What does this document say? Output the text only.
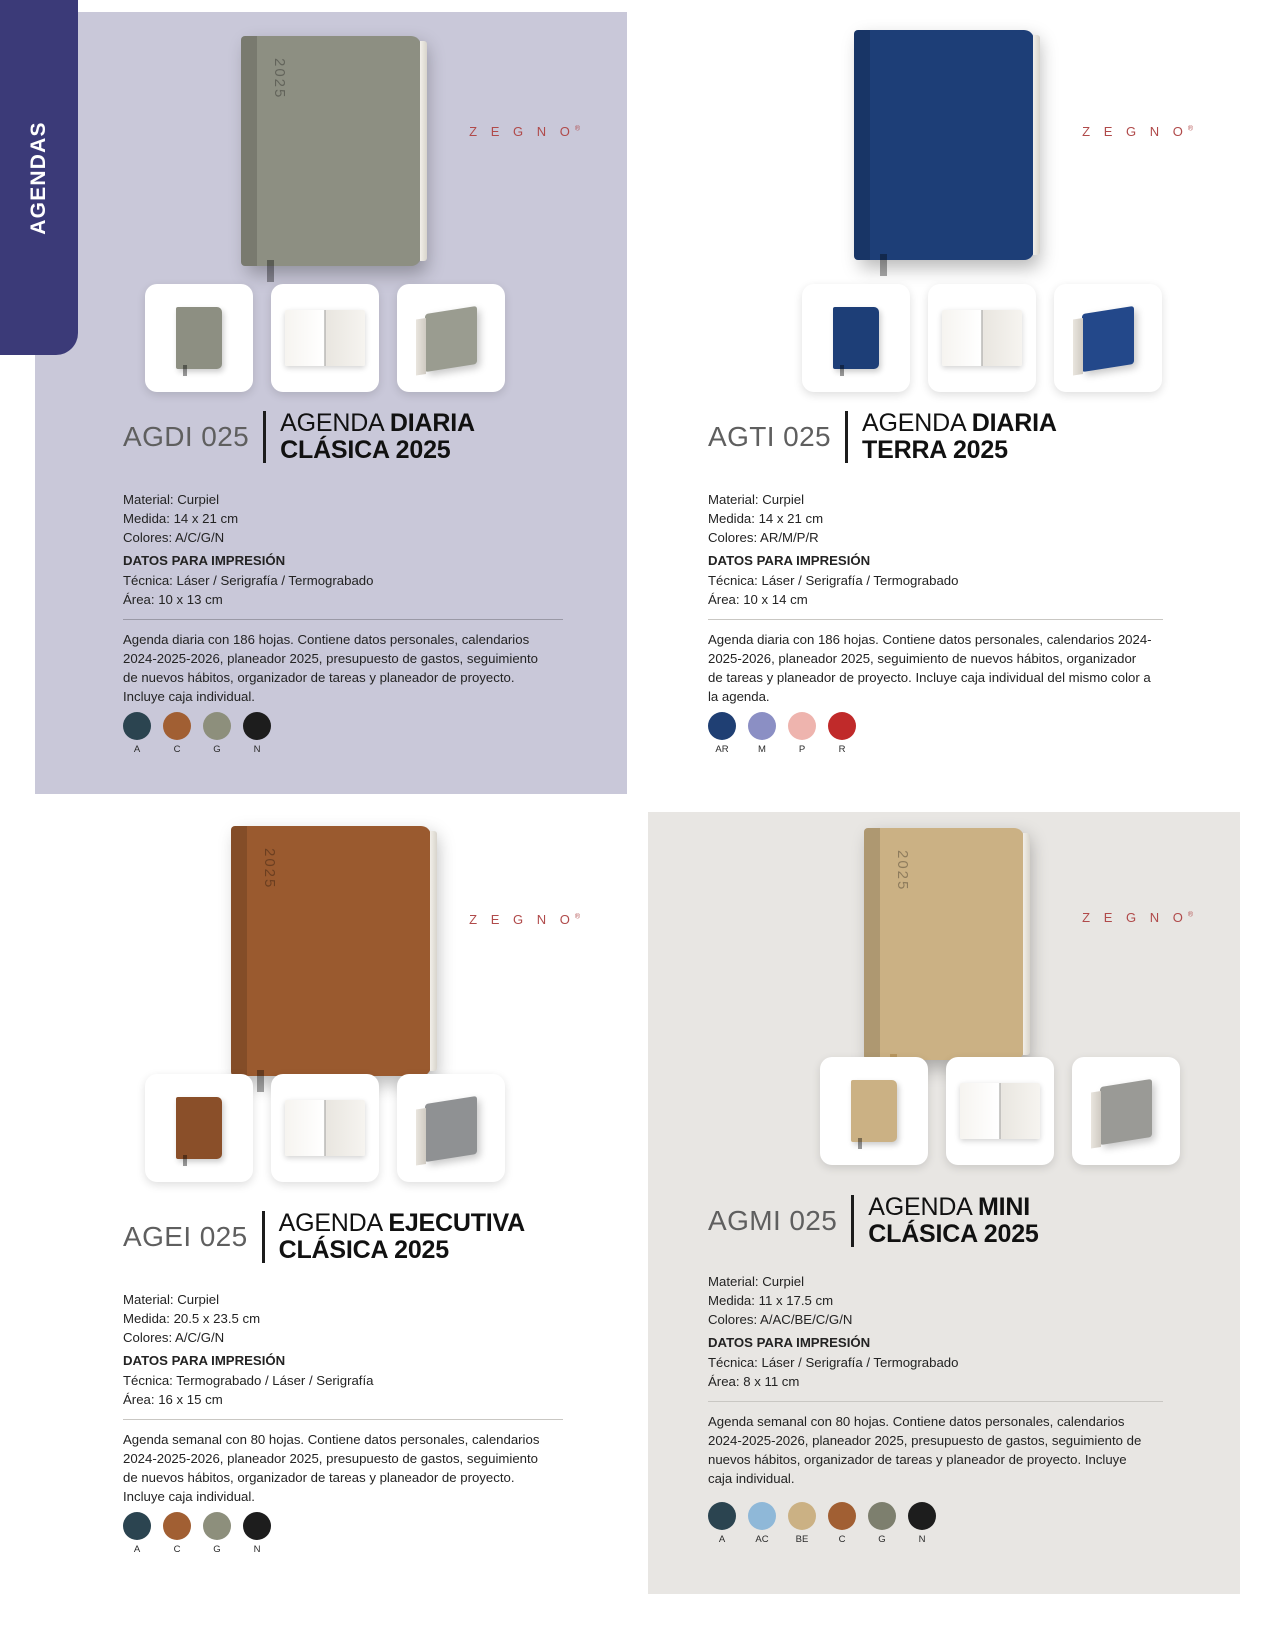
AGENDAS
2025
Z E G N O®
AGDI 025 AGENDA DIARIA
CLÁSICA 2025
Material: Curpiel
Medida: 14 x 21 cm
Colores: A/C/G/N
DATOS PARA IMPRESIÓN
Técnica: Láser / Serigrafía / Termograbado
Área: 10 x 13 cm
Agenda diaria con 186 hojas. Contiene datos personales, calendarios 2024-2025-2026, planeador 2025, presupuesto de gastos, seguimiento de nuevos hábitos, organizador de tareas y planeador de proyecto. Incluye caja individual.
A	C	G	N
Z E G N O®
AGTI 025 AGENDA DIARIA
TERRA 2025
Material: Curpiel
Medida: 14 x 21 cm
Colores: AR/M/P/R
DATOS PARA IMPRESIÓN
Técnica: Láser / Serigrafía / Termograbado
Área: 10 x 14 cm
Agenda diaria con 186 hojas. Contiene datos personales, calendarios 2024-2025-2026, planeador 2025, seguimiento de nuevos hábitos, organizador de tareas y planeador de proyecto. Incluye caja individual del mismo color a la agenda.
AR	M	P	R
2025
Z E G N O®
AGEI 025 AGENDA EJECUTIVA
CLÁSICA 2025
Material: Curpiel
Medida: 20.5 x 23.5 cm
Colores: A/C/G/N
DATOS PARA IMPRESIÓN
Técnica: Termograbado / Láser / Serigrafía
Área: 16 x 15 cm
Agenda semanal con 80 hojas. Contiene datos personales, calendarios 2024-2025-2026, planeador 2025, presupuesto de gastos, seguimiento de nuevos hábitos, organizador de tareas y planeador de proyecto. Incluye caja individual.
A	C	G	N
2025
Z E G N O®
AGMI 025 AGENDA MINI
CLÁSICA 2025
Material: Curpiel
Medida: 11 x 17.5 cm
Colores: A/AC/BE/C/G/N
DATOS PARA IMPRESIÓN
Técnica: Láser / Serigrafía / Termograbado
Área: 8 x 11 cm
Agenda semanal con 80 hojas. Contiene datos personales, calendarios 2024-2025-2026, planeador 2025, presupuesto de gastos, seguimiento de nuevos hábitos, organizador de tareas y planeador de proyecto. Incluye caja individual.
A	AC	BE	C	G	N
